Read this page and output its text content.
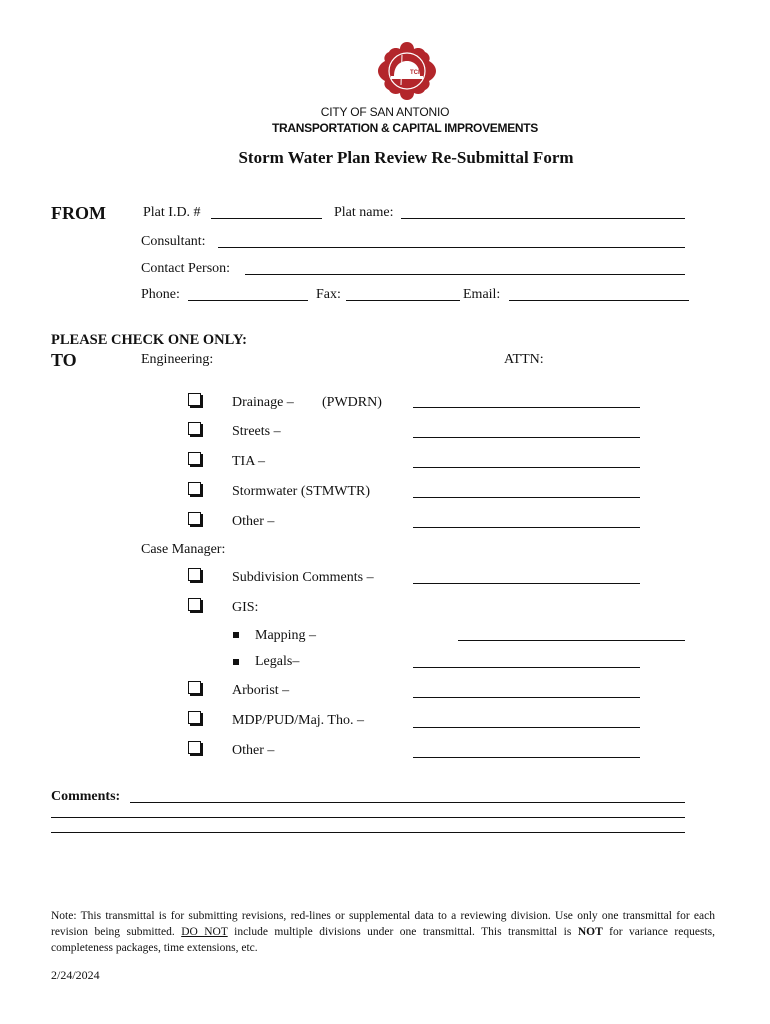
TCI
CITY OF SAN ANTONIO
TRANSPORTATION & CAPITAL IMPROVEMENTS
Storm Water Plan Review Re-Submittal Form
FROM	Plat I.D. #	Plat name:
Consultant:
Contact Person:
Phone:	Fax:	Email:
PLEASE CHECK ONE ONLY:
TO	Engineering:	ATTN:
Drainage – (PWDRN)
Streets –
TIA –
Stormwater (STMWTR)
Other –
Case Manager:
Subdivision Comments –
GIS:
Mapping –
Legals–
Arborist –
MDP/PUD/Maj. Tho. –
Other –
Comments:
Note: This transmittal is for submitting revisions, red-lines or supplemental data to a reviewing division. Use only one transmittal for each revision being submitted. DO NOT include multiple divisions under one transmittal. This transmittal is NOT for variance requests, completeness packages, time extensions, etc.
2/24/2024
